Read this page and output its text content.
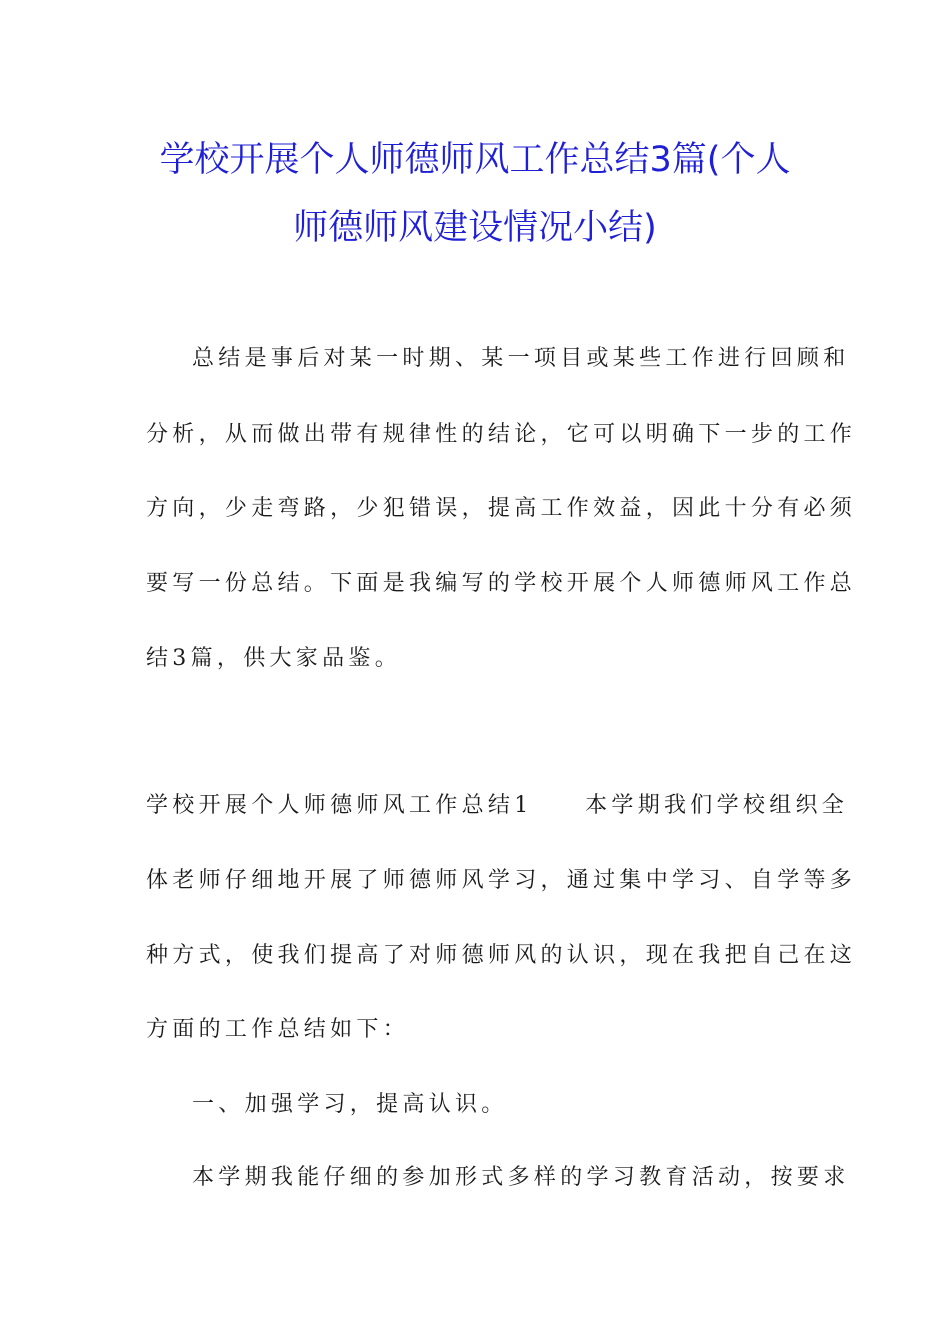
学校开展个人师德师风工作总结3篇(个人
师德师风建设情况小结)
总结是事后对某一时期、某一项目或某些工作进行回顾和
分析，从而做出带有规律性的结论，它可以明确下一步的工作
方向，少走弯路，少犯错误，提高工作效益，因此十分有必须
要写一份总结。下面是我编写的学校开展个人师德师风工作总
结3篇，供大家品鉴。
学校开展个人师德师风工作总结1　　本学期我们学校组织全
体老师仔细地开展了师德师风学习，通过集中学习、自学等多
种方式，使我们提高了对师德师风的认识，现在我把自己在这
方面的工作总结如下：
一、加强学习，提高认识。
本学期我能仔细的参加形式多样的学习教育活动，按要求
